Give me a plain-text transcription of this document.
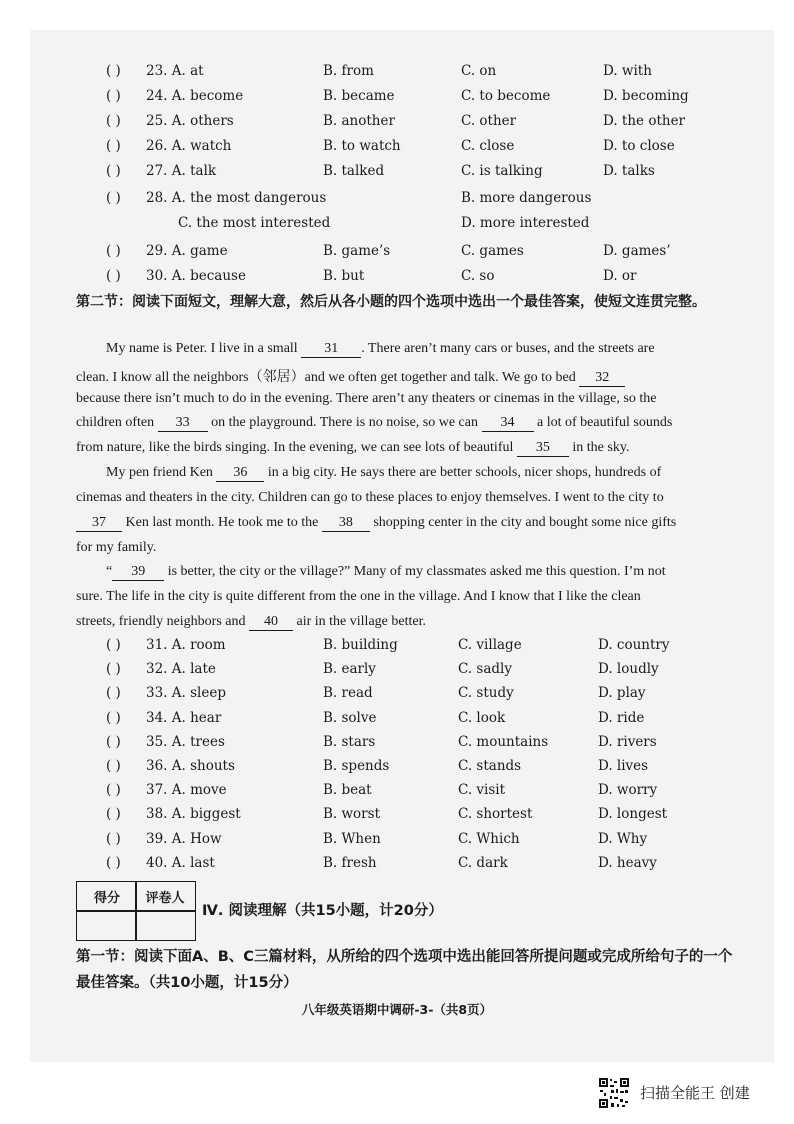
( ) 23. A. at	B. from	C. on	D. with
( ) 24. A. become	B. became	C. to become	D. becoming
( ) 25. A. others	B. another	C. other	D. the other
( ) 26. A. watch	B. to watch	C. close	D. to close
( ) 27. A. talk	B. talked	C. is talking	D. talks
( ) 28. A. the most dangerous	B. more dangerous
C. the most interested	D. more interested
( ) 29. A. game	B. game’s	C. games	D. games’
( ) 30. A. because	B. but	C. so	D. or
第二节：阅读下面短文，理解大意，然后从各小题的四个选项中选出一个最佳答案，使短文连贯完整。
My name is Peter. I live in a small 31 . There aren’t many cars or buses, and the streets are
clean. I know all the neighbors（邻居）and we often get together and talk. We go to bed 32
because there isn’t much to do in the evening. There aren’t any theaters or cinemas in the village, so the
children often 33 on the playground. There is no noise, so we can 34 a lot of beautiful sounds
from nature, like the birds singing. In the evening, we can see lots of beautiful 35 in the sky.
My pen friend Ken 36 in a big city. He says there are better schools, nicer shops, hundreds of
cinemas and theaters in the city. Children can go to these places to enjoy themselves. I went to the city to
37 Ken last month. He took me to the 38 shopping center in the city and bought some nice gifts
for my family.
“ 39 is better, the city or the village?” Many of my classmates asked me this question. I’m not
sure. The life in the city is quite different from the one in the village. And I know that I like the clean
streets, friendly neighbors and 40 air in the village better.
( ) 31. A. room	B. building	C. village	D. country
( ) 32. A. late	B. early	C. sadly	D. loudly
( ) 33. A. sleep	B. read	C. study	D. play
( ) 34. A. hear	B. solve	C. look	D. ride
( ) 35. A. trees	B. stars	C. mountains	D. rivers
( ) 36. A. shouts	B. spends	C. stands	D. lives
( ) 37. A. move	B. beat	C. visit	D. worry
( ) 38. A. biggest	B. worst	C. shortest	D. longest
( ) 39. A. How	B. When	C. Which	D. Why
( ) 40. A. last	B. fresh	C. dark	D. heavy
得分	评卷人
Ⅳ. 阅读理解（共15小题，计20分）
第一节：阅读下面A、B、C三篇材料，从所给的四个选项中选出能回答所提问题或完成所给句子的一个最佳答案。（共10小题，计15分）
八年级英语期中调研-3-（共8页）
扫描全能王 创建
